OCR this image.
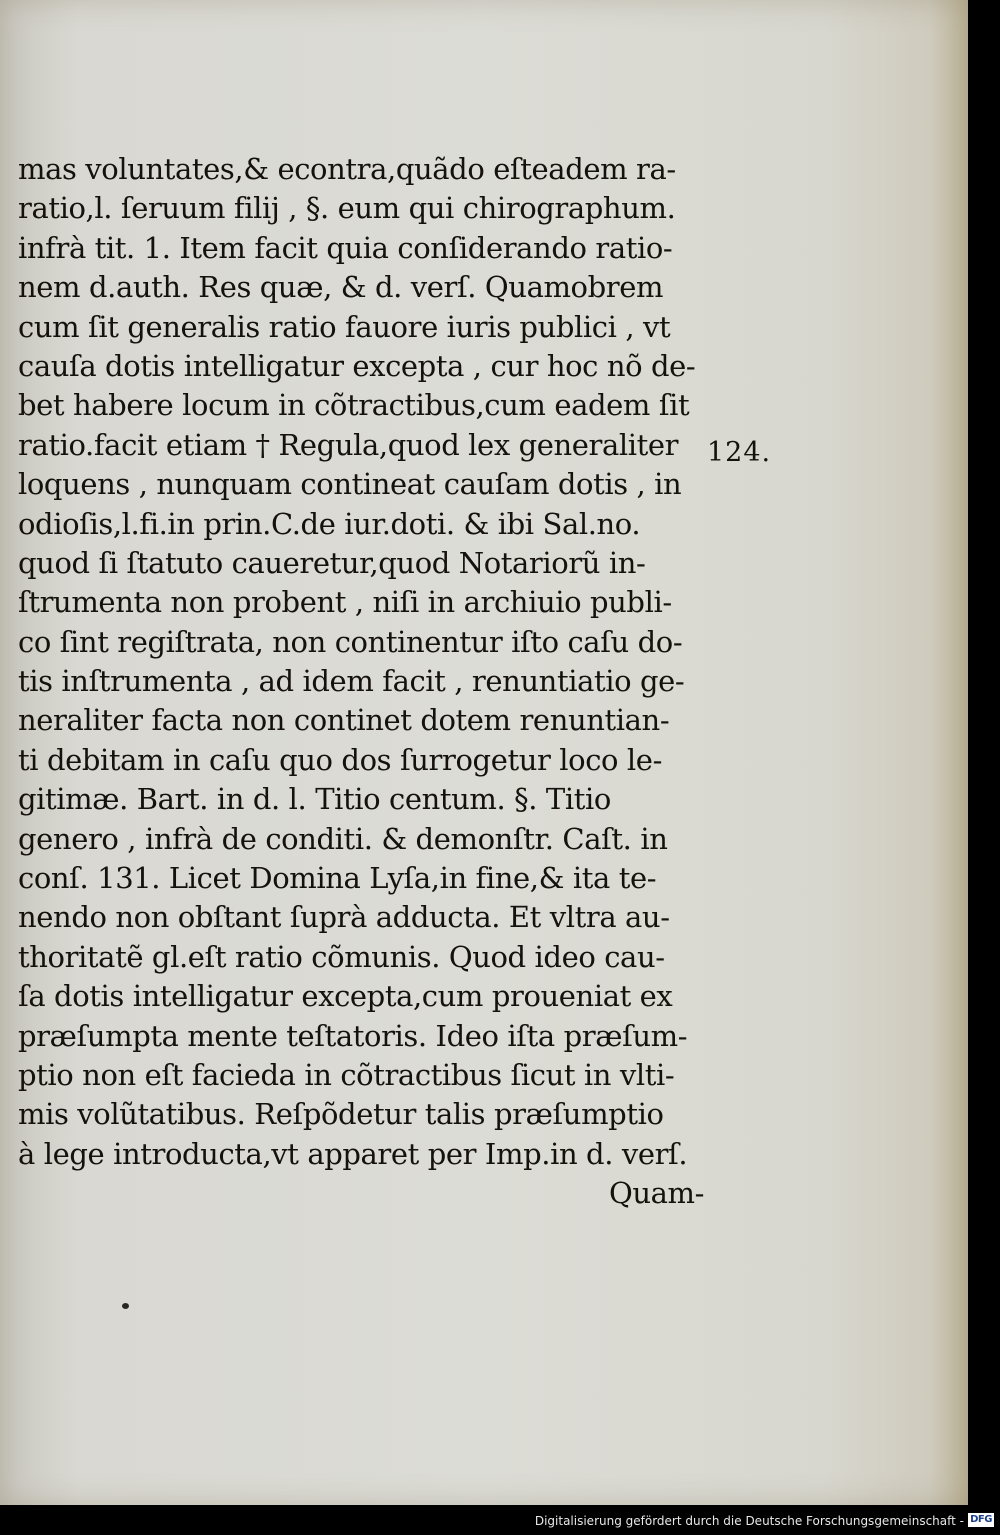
mas voluntates,& econtra,quãdo eſteadem ra-
ratio,l. ſeruum filij , §. eum qui chirographum.
infrà tit. 1. Item facit quia conſiderando ratio-
nem d.auth. Res quæ, & d. verſ. Quamobrem
cum ſit generalis ratio fauore iuris publici , vt
cauſa dotis intelligatur excepta , cur hoc nõ de-
bet habere locum in cõtractibus,cum eadem ſit
ratio.facit etiam † Regula,quod lex generaliter
loquens , nunquam contineat cauſam dotis , in
odioſis,l.fi.in prin.C.de iur.doti. & ibi Sal.no.
quod ſi ſtatuto caueretur,quod Notariorũ in-
ſtrumenta non probent , niſi in archiuio publi-
co ſint regiſtrata, non continentur iſto caſu do-
tis inſtrumenta , ad idem facit , renuntiatio ge-
neraliter facta non continet dotem renuntian-
ti debitam in caſu quo dos ſurrogetur loco le-
gitimæ. Bart. in d. l. Titio centum. §. Titio
genero , infrà de conditi. & demonſtr. Caſt. in
conſ. 131. Licet Domina Lyſa,in fine,& ita te-
nendo non obſtant ſuprà adducta. Et vltra au-
thoritatẽ gl.eſt ratio cõmunis. Quod ideo cau-
ſa dotis intelligatur excepta,cum proueniat ex
præſumpta mente teſtatoris. Ideo iſta præſum-
ptio non eſt facieda in cõtractibus ſicut in vlti-
mis volũtatibus. Reſpõdetur talis præſumptio
à lege introducta,vt apparet per Imp.in d. verſ.
Quam-
124.
Digitalisierung gefördert durch die Deutsche Forschungsgemeinschaft - DFG
